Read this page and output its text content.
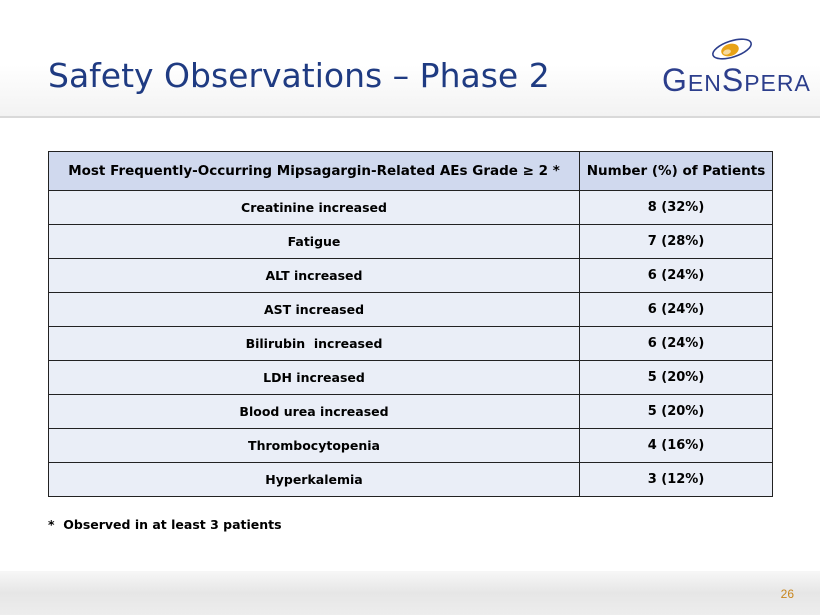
Safety Observations – Phase 2	GENSPERA
Most Frequently-Occurring Mipsagargin-Related AEs Grade ≥ 2 *	Number (%) of Patients
Creatinine increased	8 (32%)
Fatigue	7 (28%)
ALT increased	6 (24%)
AST increased	6 (24%)
Bilirubin  increased	6 (24%)
LDH increased	5 (20%)
Blood urea increased	5 (20%)
Thrombocytopenia	4 (16%)
Hyperkalemia	3 (12%)
*  Observed in at least 3 patients
26
